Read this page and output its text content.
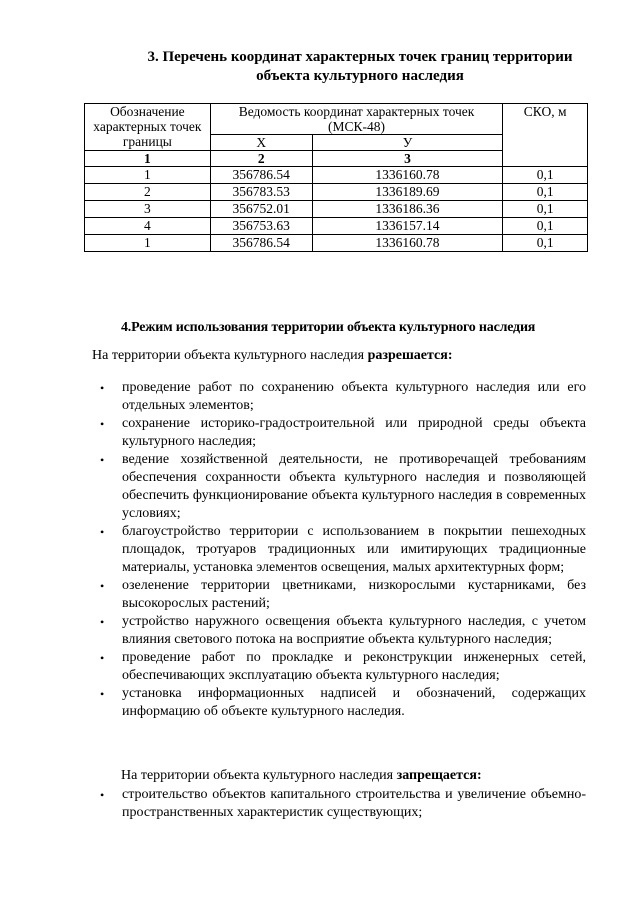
3. Перечень координат характерных точек границ территории
объекта культурного наследия
Обозначение характерных точек границы	Ведомость координат характерных точек (МСК-48)		СКО, м
	X	У	
1	2	3	
1	356786.54	1336160.78	0,1
2	356783.53	1336189.69	0,1
3	356752.01	1336186.36	0,1
4	356753.63	1336157.14	0,1
1	356786.54	1336160.78	0,1
4.Режим использования территории объекта культурного наследия
На территории объекта культурного наследия разрешается:
• проведение работ по сохранению объекта культурного наследия или его отдельных элементов;
• сохранение историко-градостроительной или природной среды объекта культурного наследия;
• ведение хозяйственной деятельности, не противоречащей требованиям обеспечения сохранности объекта культурного наследия и позволяющей обеспечить функционирование объекта культурного наследия в современных условиях;
• благоустройство территории с использованием в покрытии пешеходных площадок, тротуаров традиционных или имитирующих традиционные материалы, установка элементов освещения, малых архитектурных форм;
• озеленение территории цветниками, низкорослыми кустарниками, без высокорослых растений;
• устройство наружного освещения объекта культурного наследия, с учетом влияния светового потока на восприятие объекта культурного наследия;
• проведение работ по прокладке и реконструкции инженерных сетей, обеспечивающих эксплуатацию объекта культурного наследия;
• установка информационных надписей и обозначений, содержащих информацию об объекте культурного наследия.
На территории объекта культурного наследия запрещается:
• строительство объектов капитального строительства и увеличение объемно-пространственных характеристик существующих;
